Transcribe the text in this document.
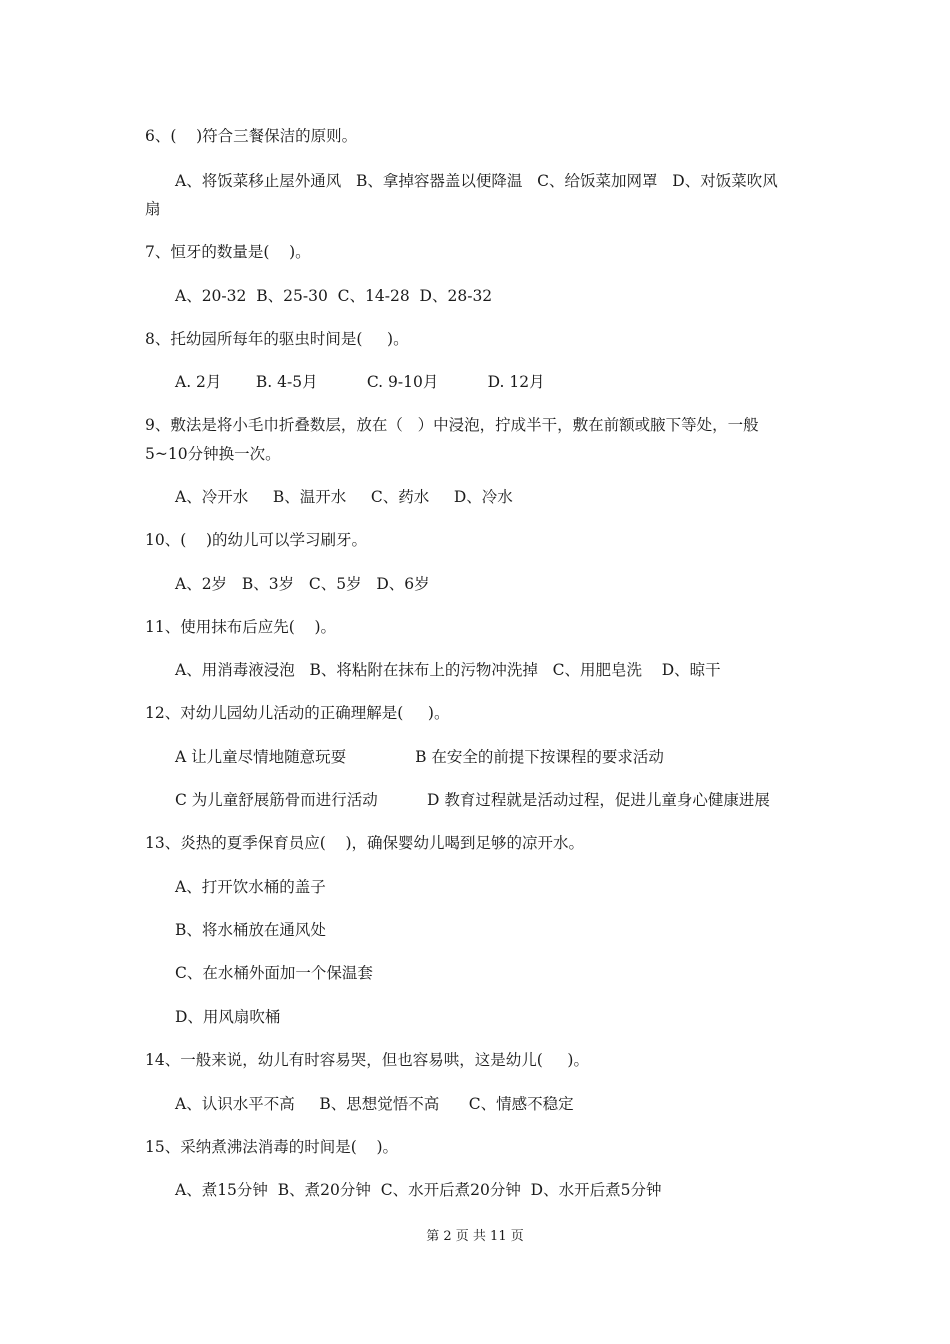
6、(    )符合三餐保洁的原则。
A、将饭菜移止屋外通风   B、拿掉容器盖以便降温   C、给饭菜加网罩   D、对饭菜吹风
扇
7、恒牙的数量是(    )。
A、20-32  B、25-30  C、14-28  D、28-32
8、托幼园所每年的驱虫时间是(     )。
A. 2月       B. 4-5月          C. 9-10月          D. 12月
9、敷法是将小毛巾折叠数层，放在（   ）中浸泡，拧成半干，敷在前额或腋下等处，一般
5~10分钟换一次。
A、冷开水     B、温开水     C、药水     D、冷水
10、(    )的幼儿可以学习刷牙。
A、2岁   B、3岁   C、5岁   D、6岁
11、使用抹布后应先(    )。
A、用消毒液浸泡   B、将粘附在抹布上的污物冲洗掉   C、用肥皂洗    D、晾干
12、对幼儿园幼儿活动的正确理解是(     )。
A 让儿童尽情地随意玩耍              B 在安全的前提下按课程的要求活动
C 为儿童舒展筋骨而进行活动          D 教育过程就是活动过程，促进儿童身心健康进展
13、炎热的夏季保育员应(    )，确保婴幼儿喝到足够的凉开水。
A、打开饮水桶的盖子
B、将水桶放在通风处
C、在水桶外面加一个保温套
D、用风扇吹桶
14、一般来说，幼儿有时容易哭，但也容易哄，这是幼儿(     )。
A、认识水平不高     B、思想觉悟不高      C、情感不稳定
15、采纳煮沸法消毒的时间是(    )。
A、煮15分钟  B、煮20分钟  C、水开后煮20分钟  D、水开后煮5分钟
第 2 页 共 11 页
